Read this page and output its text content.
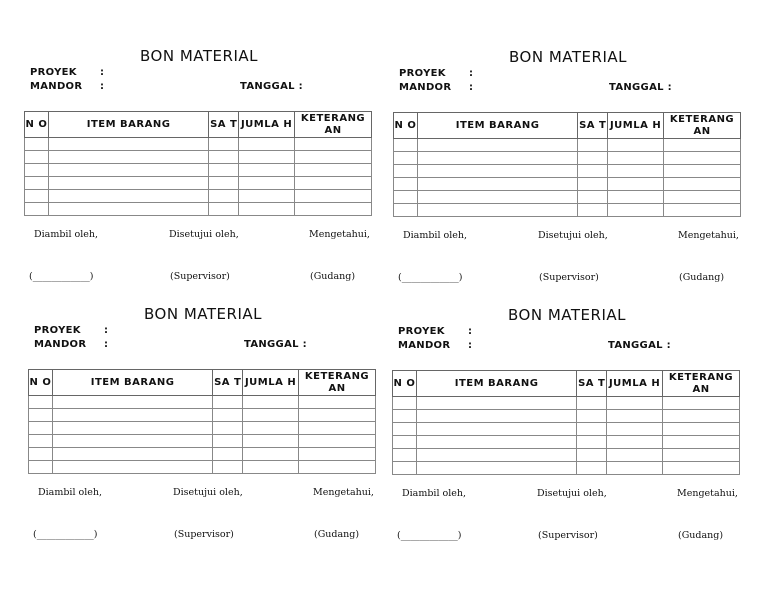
BON MATERIAL
PROYEK :
MANDOR :	TANGGAL :
N O	ITEM BARANG	SA T	JUMLA H	KETERANG AN

Diambil oleh,	Disetujui oleh,	Mengetahui,
(____________)	(Supervisor)	(Gudang)
BON MATERIAL
PROYEK :
MANDOR :	TANGGAL :
N O	ITEM BARANG	SA T	JUMLA H	KETERANG AN

Diambil oleh,	Disetujui oleh,	Mengetahui,
(____________)	(Supervisor)	(Gudang)
BON MATERIAL
PROYEK :
MANDOR :	TANGGAL :
N O	ITEM BARANG	SA T	JUMLA H	KETERANG AN

Diambil oleh,	Disetujui oleh,	Mengetahui,
(____________)	(Supervisor)	(Gudang)
BON MATERIAL
PROYEK :
MANDOR :	TANGGAL :
N O	ITEM BARANG	SA T	JUMLA H	KETERANG AN

Diambil oleh,	Disetujui oleh,	Mengetahui,
(____________)	(Supervisor)	(Gudang)
